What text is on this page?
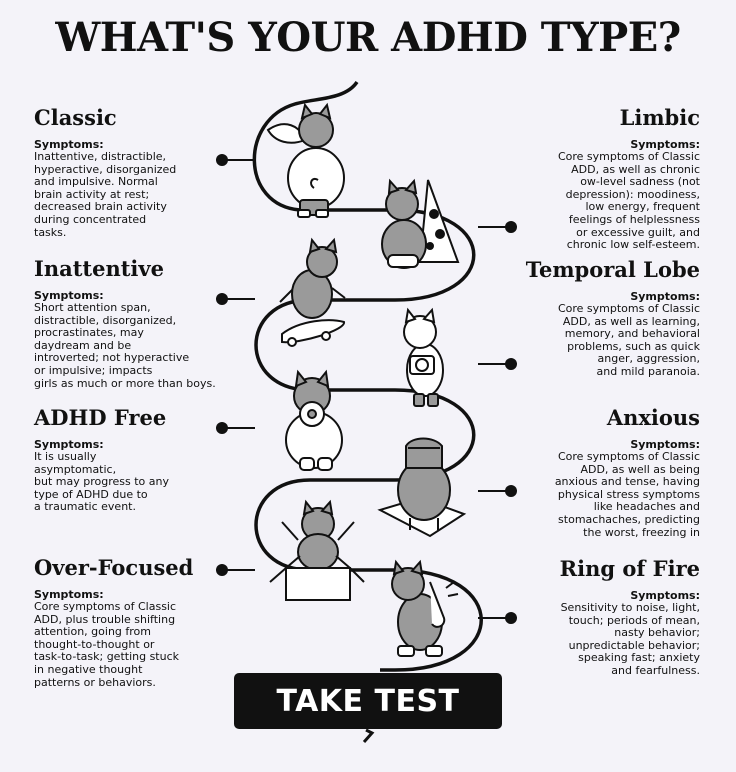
WHAT'S YOUR ADHD TYPE?
Classic

Symptoms:

Inattentive, distractible,
hyperactive, disorganized
and impulsive. Normal
brain activity at rest;
decreased brain activity
during concentrated
tasks.

Inattentive

Symptoms:

Short attention span,
distractible, disorganized,
procrastinates, may
daydream and be
introverted; not hyperactive
or impulsive; impacts
girls as much or more than boys.

ADHD Free

Symptoms:

It is usually
asymptomatic,
but may progress to any
type of ADHD due to
a traumatic event.

Over-Focused

Symptoms:

Core symptoms of Classic
ADD, plus trouble shifting
attention, going from
thought-to-thought or
task-to-task; getting stuck
in negative thought
patterns or behaviors.

Limbic

Symptoms:

Core symptoms of Classic
ADD, as well as chronic
ow-level sadness (not
depression): moodiness,
low energy, frequent
feelings of helplessness
or excessive guilt, and
chronic low self-esteem.

Temporal Lobe

Symptoms:

Core symptoms of Classic
ADD, as well as learning,
memory, and behavioral
problems, such as quick
anger, aggression,
and mild paranoia.

Anxious

Symptoms:

Core symptoms of Classic
ADD, as well as being
anxious and tense, having
physical stress symptoms
like headaches and
stomachaches, predicting
the worst, freezing in

Ring of Fire

Symptoms:

Sensitivity to noise, light,
touch; periods of mean,
nasty behavior;
unpredictable behavior;
speaking fast; anxiety
and fearfulness.

TAKE TEST
